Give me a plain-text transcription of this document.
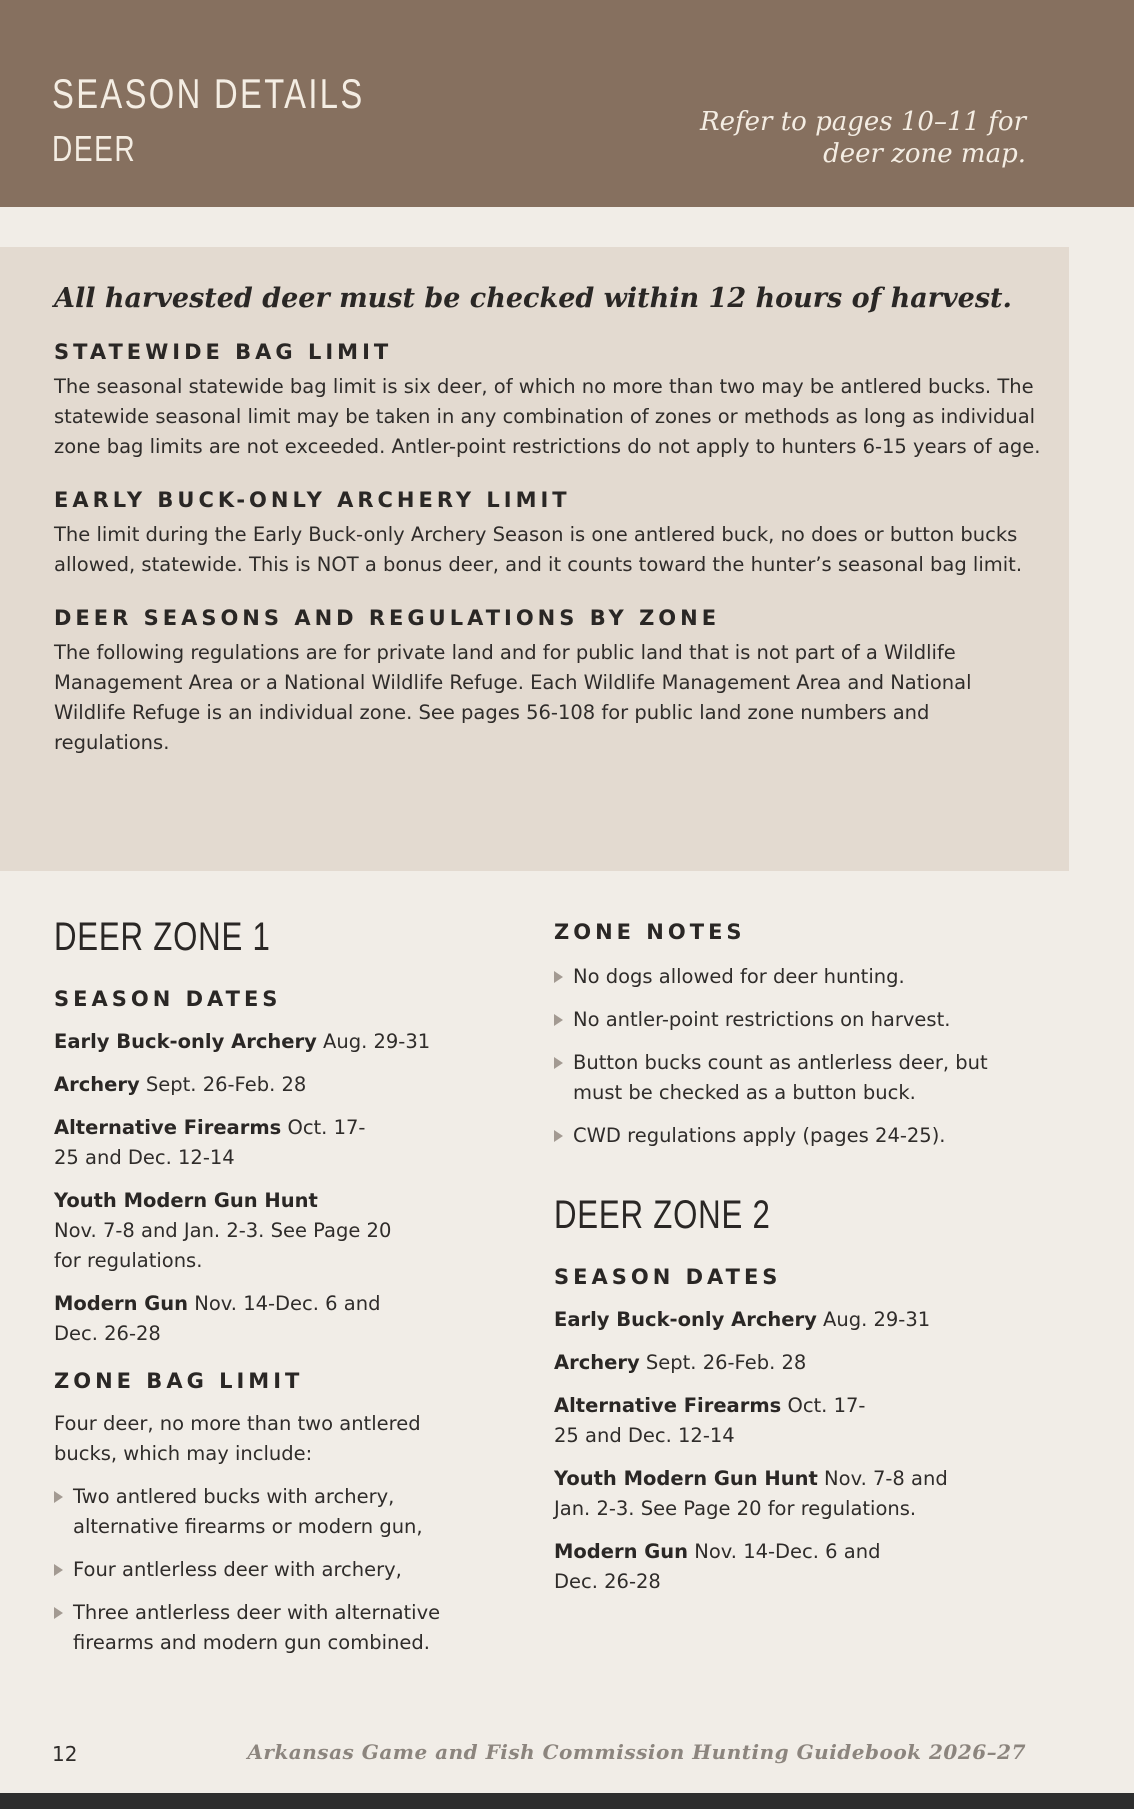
SEASON DETAILS
DEER
Refer to pages 10–11 for
deer zone map.
All harvested deer must be checked within 12 hours of harvest.
STATEWIDE BAG LIMIT

The seasonal statewide bag limit is six deer, of which no more than two may be antlered bucks. The statewide seasonal limit may be taken in any combination of zones or methods as long as individual zone bag limits are not exceeded. Antler-point restrictions do not apply to hunters 6-15 years of age.

EARLY BUCK-ONLY ARCHERY LIMIT

The limit during the Early Buck-only Archery Season is one antlered buck, no does or button bucks allowed, statewide. This is NOT a bonus deer, and it counts toward the hunter’s seasonal bag limit.

DEER SEASONS AND REGULATIONS BY ZONE

The following regulations are for private land and for public land that is not part of a Wildlife Management Area or a National Wildlife Refuge. Each Wildlife Management Area and National Wildlife Refuge is an individual zone. See pages 56-108 for public land zone numbers and regulations.

DEER ZONE 1
SEASON DATES
Early Buck-only Archery Aug. 29-31
Archery Sept. 26-Feb. 28
Alternative Firearms Oct. 17-25 and Dec. 12-14
Youth Modern Gun Hunt
Nov. 7-8 and Jan. 2-3. See Page 20 for regulations.
Modern Gun Nov. 14-Dec. 6 and Dec. 26-28
ZONE BAG LIMIT
Four deer, no more than two antlered bucks, which may include:
Two antlered bucks with archery, alternative firearms or modern gun,
Four antlerless deer with archery,
Three antlerless deer with alternative firearms and modern gun combined.
ZONE NOTES
No dogs allowed for deer hunting.
No antler-point restrictions on harvest.
Button bucks count as antlerless deer, but must be checked as a button buck.
CWD regulations apply (pages 24-25).
DEER ZONE 2
SEASON DATES
Early Buck-only Archery Aug. 29-31
Archery Sept. 26-Feb. 28
Alternative Firearms Oct. 17-25 and Dec. 12-14
Youth Modern Gun Hunt Nov. 7-8 and Jan. 2-3. See Page 20 for regulations.
Modern Gun Nov. 14-Dec. 6 and Dec. 26-28
12	Arkansas Game and Fish Commission Hunting Guidebook 2026–27
